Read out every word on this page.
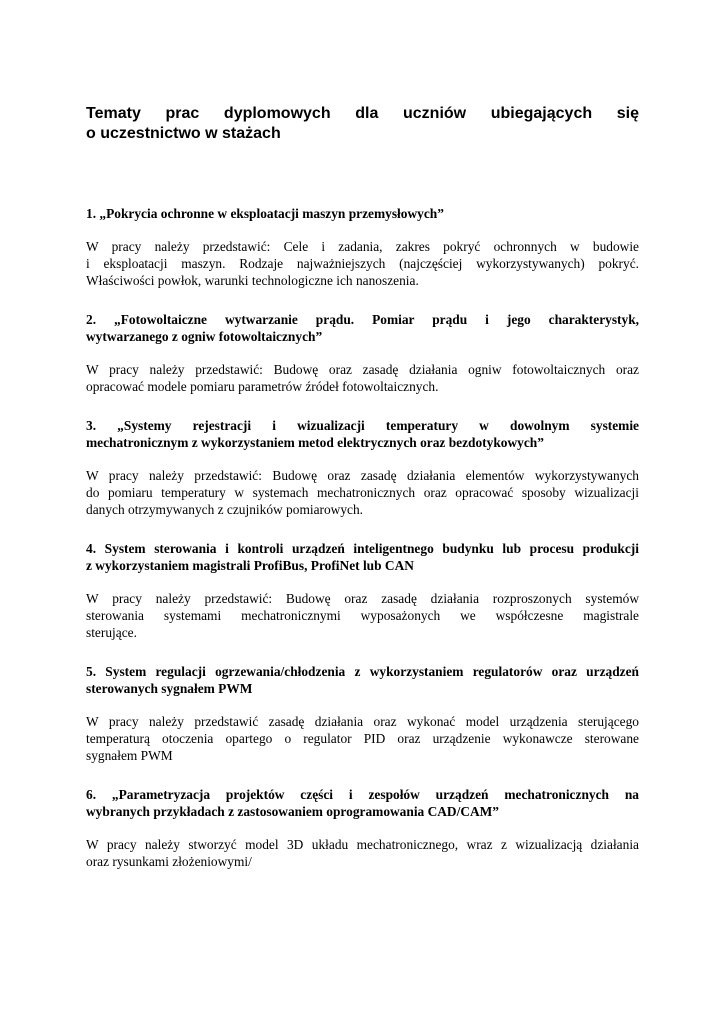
Tematy prac dyplomowych dla uczniów ubiegających się
o uczestnictwo w stażach

1. „Pokrycia ochronne w eksploatacji maszyn przemysłowych”

W pracy należy przedstawić: Cele i zadania, zakres pokryć ochronnych w budowie
i eksploatacji maszyn. Rodzaje najważniejszych (najczęściej wykorzystywanych) pokryć.
Właściwości powłok, warunki technologiczne ich nanoszenia.

2. „Fotowoltaiczne wytwarzanie prądu. Pomiar prądu i jego charakterystyk,
wytwarzanego z ogniw fotowoltaicznych”

W pracy należy przedstawić: Budowę oraz zasadę działania ogniw fotowoltaicznych oraz
opracować modele pomiaru parametrów źródeł fotowoltaicznych.

3. „Systemy rejestracji i wizualizacji temperatury w dowolnym systemie
mechatronicznym z wykorzystaniem metod elektrycznych oraz bezdotykowych”

W pracy należy przedstawić: Budowę oraz zasadę działania elementów wykorzystywanych
do pomiaru temperatury w systemach mechatronicznych oraz opracować sposoby wizualizacji
danych otrzymywanych z czujników pomiarowych.

4. System sterowania i kontroli urządzeń inteligentnego budynku lub procesu produkcji
z wykorzystaniem magistrali ProfiBus, ProfiNet lub CAN

W pracy należy przedstawić: Budowę oraz zasadę działania rozproszonych systemów
sterowania systemami mechatronicznymi wyposażonych we współczesne magistrale
sterujące.

5. System regulacji ogrzewania/chłodzenia z wykorzystaniem regulatorów oraz urządzeń
sterowanych sygnałem PWM

W pracy należy przedstawić zasadę działania oraz wykonać model urządzenia sterującego
temperaturą otoczenia opartego o regulator PID oraz urządzenie wykonawcze sterowane
sygnałem PWM

6. „Parametryzacja projektów części i zespołów urządzeń mechatronicznych na
wybranych przykładach z zastosowaniem oprogramowania CAD/CAM”

W pracy należy stworzyć model 3D układu mechatronicznego, wraz z wizualizacją działania
oraz rysunkami złożeniowymi/
